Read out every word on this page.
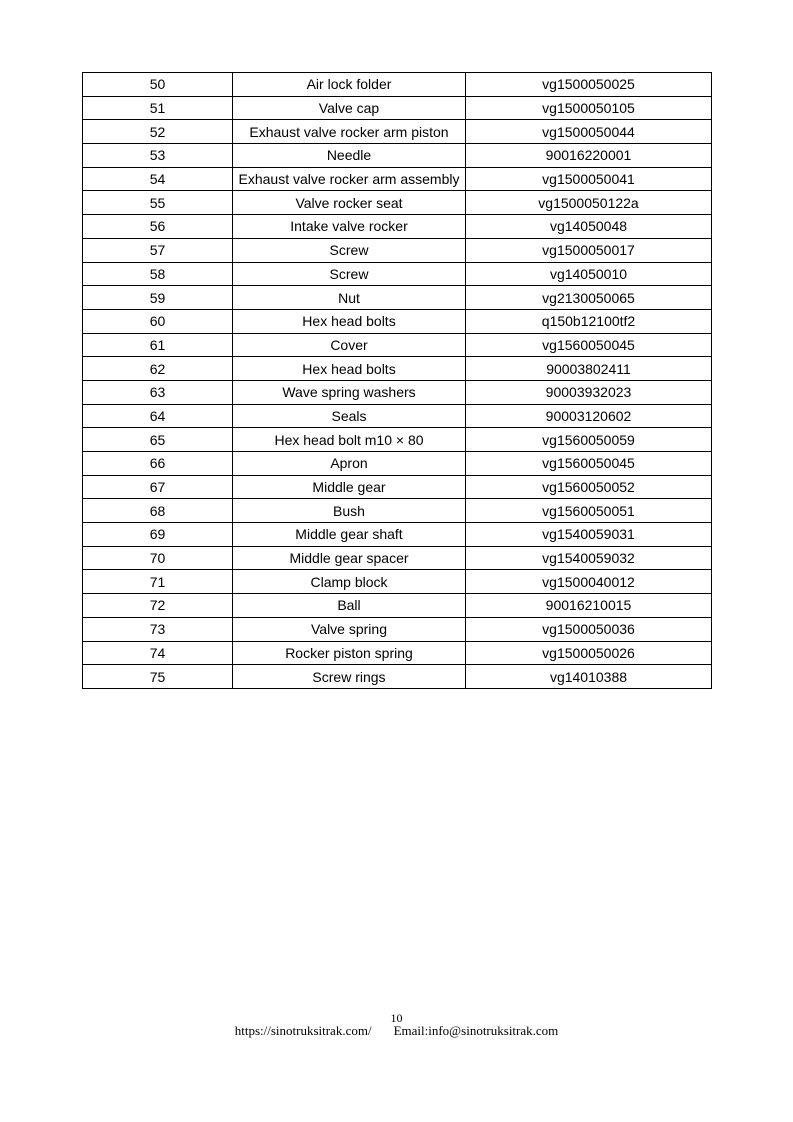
50	Air lock folder	vg1500050025
51	Valve cap	vg1500050105
52	Exhaust valve rocker arm piston	vg1500050044
53	Needle	90016220001
54	Exhaust valve rocker arm assembly	vg1500050041
55	Valve rocker seat	vg1500050122a
56	Intake valve rocker	vg14050048
57	Screw	vg1500050017
58	Screw	vg14050010
59	Nut	vg2130050065
60	Hex head bolts	q150b12100tf2
61	Cover	vg1560050045
62	Hex head bolts	90003802411
63	Wave spring washers	90003932023
64	Seals	90003120602
65	Hex head bolt m10 × 80	vg1560050059
66	Apron	vg1560050045
67	Middle gear	vg1560050052
68	Bush	vg1560050051
69	Middle gear shaft	vg1540059031
70	Middle gear spacer	vg1540059032
71	Clamp block	vg1500040012
72	Ball	90016210015
73	Valve spring	vg1500050036
74	Rocker piston spring	vg1500050026
75	Screw rings	vg14010388
10
https://sinotruksitrak.com/ Email:info@sinotruksitrak.com
